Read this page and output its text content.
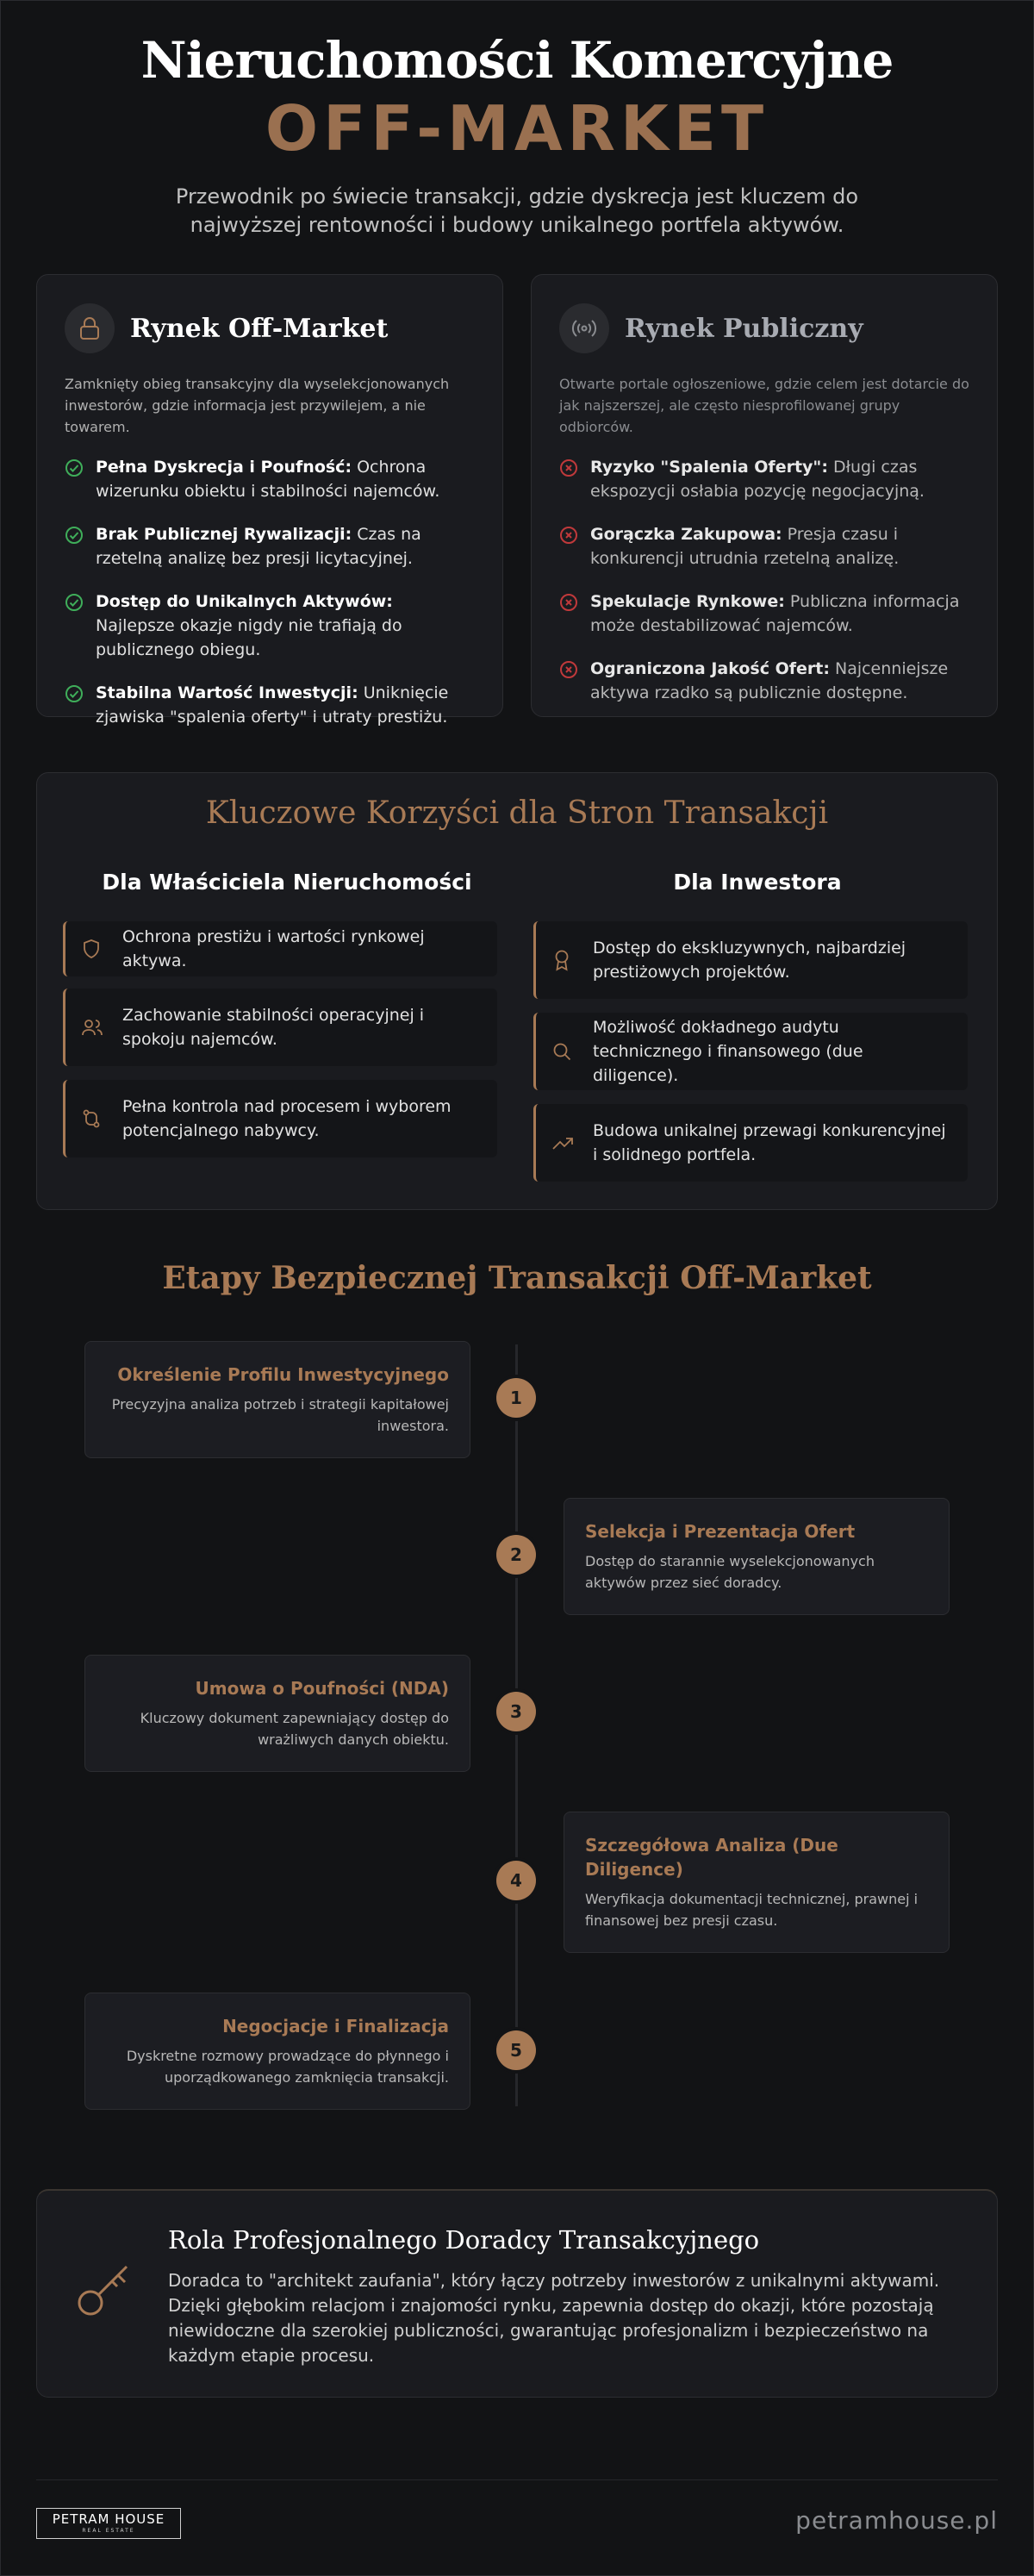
Nieruchomości Komercyjne
OFF-MARKET

Przewodnik po świecie transakcji, gdzie dyskrecja jest kluczem do najwyższej rentowności i budowy unikalnego portfela aktywów.

Rynek Off-Market
Zamknięty obieg transakcyjny dla wyselekcjonowanych inwestorów, gdzie informacja jest przywilejem, a nie towarem.
Pełna Dyskrecja i Poufność: Ochrona wizerunku obiektu i stabilności najemców.
Brak Publicznej Rywalizacji: Czas na rzetelną analizę bez presji licytacyjnej.
Dostęp do Unikalnych Aktywów: Najlepsze okazje nigdy nie trafiają do publicznego obiegu.
Stabilna Wartość Inwestycji: Uniknięcie zjawiska "spalenia oferty" i utraty prestiżu.
Rynek Publiczny
Otwarte portale ogłoszeniowe, gdzie celem jest dotarcie do jak najszerszej, ale często niesprofilowanej grupy odbiorców.
Ryzyko "Spalenia Oferty": Długi czas ekspozycji osłabia pozycję negocjacyjną.
Gorączka Zakupowa: Presja czasu i konkurencji utrudnia rzetelną analizę.
Spekulacje Rynkowe: Publiczna informacja może destabilizować najemców.
Ograniczona Jakość Ofert: Najcenniejsze aktywa rzadko są publicznie dostępne.
Kluczowe Korzyści dla Stron Transakcji
Dla Właściciela Nieruchomości	Dla Inwestora
Ochrona prestiżu i wartości rynkowej aktywa.
Zachowanie stabilności operacyjnej i spokoju najemców.
Pełna kontrola nad procesem i wyborem potencjalnego nabywcy.
Dostęp do ekskluzywnych, najbardziej prestiżowych projektów.
Możliwość dokładnego audytu technicznego i finansowego (due diligence).
Budowa unikalnej przewagi konkurencyjnej i solidnego portfela.
Etapy Bezpiecznej Transakcji Off-Market
Określenie Profilu Inwestycyjnego
Precyzyjna analiza potrzeb i strategii kapitałowej inwestora.
1
Selekcja i Prezentacja Ofert
Dostęp do starannie wyselekcjonowanych aktywów przez sieć doradcy.
2
Umowa o Poufności (NDA)
Kluczowy dokument zapewniający dostęp do wrażliwych danych obiektu.
3
Szczegółowa Analiza (Due Diligence)
Weryfikacja dokumentacji technicznej, prawnej i finansowej bez presji czasu.
4
Negocjacje i Finalizacja
Dyskretne rozmowy prowadzące do płynnego i uporządkowanego zamknięcia transakcji.
5
Rola Profesjonalnego Doradcy Transakcyjnego

Doradca to "architekt zaufania", który łączy potrzeby inwestorów z unikalnymi aktywami. Dzięki głębokim relacjom i znajomości rynku, zapewnia dostęp do okazji, które pozostają niewidoczne dla szerokiej publiczności, gwarantując profesjonalizm i bezpieczeństwo na każdym etapie procesu.

PETRAM HOUSE
REAL ESTATE	petramhouse.pl
